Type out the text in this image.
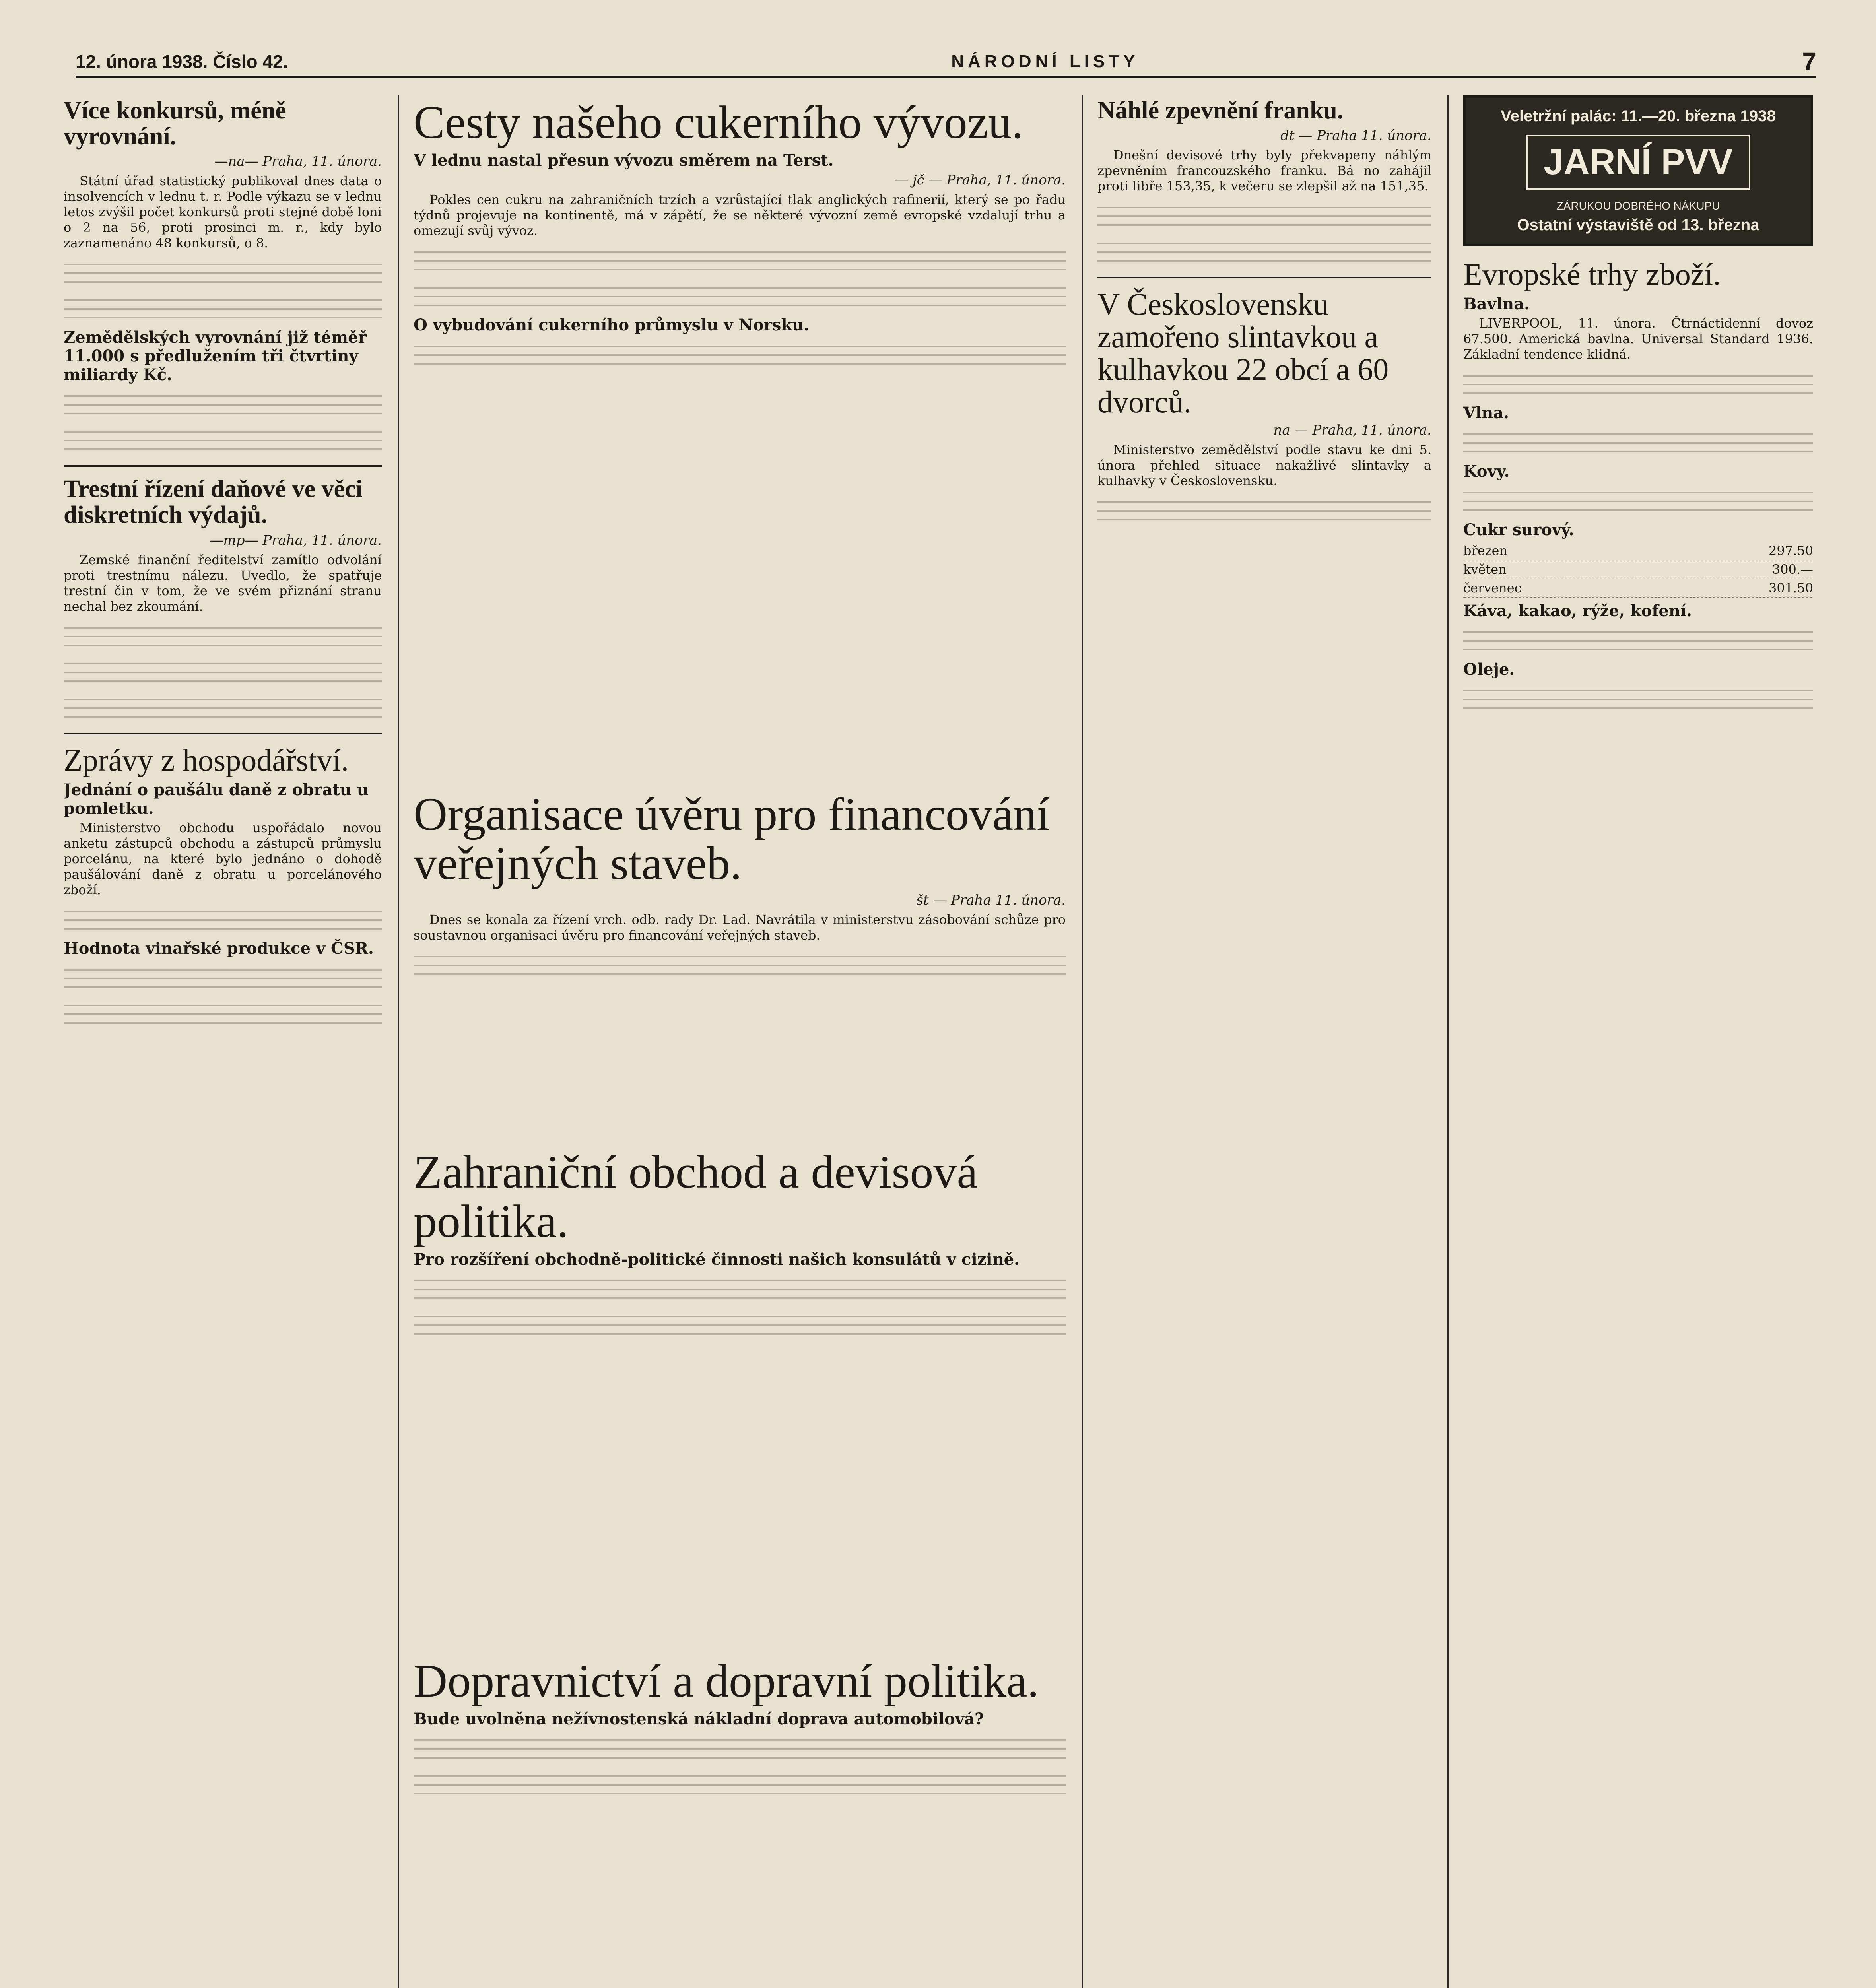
12. února 1938. Číslo 42.	NÁRODNÍ LISTY	7
Více konkursů, méně vyrovnání.
—na— Praha, 11. února.

Státní úřad statistický publikoval dnes data o insolvencích v lednu t. r. Podle výkazu se v lednu letos zvýšil počet konkursů proti stejné době loni o 2 na 56, proti prosinci m. r., kdy bylo zaznamenáno 48 konkursů, o 8.

Zemědělských vyrovnání již téměř 11.000 s předlužením tři čtvrtiny miliardy Kč.
Trestní řízení daňové ve věci diskretních výdajů.
—mp— Praha, 11. února.

Zemské finanční ředitelství zamítlo odvolání proti trestnímu nálezu. Uvedlo, že spatřuje trestní čin v tom, že ve svém přiznání stranu nechal bez zkoumání.

Zprávy z hospodářství.
Jednání o paušálu daně z obratu u pomletku.

Ministerstvo obchodu uspořádalo novou anketu zástupců obchodu a zástupců průmyslu porcelánu, na které bylo jednáno o dohodě paušálování daně z obratu u porcelánového zboží.

Hodnota vinařské produkce v ČSR.
Cesty našeho cukerního vývozu.
V lednu nastal přesun vývozu směrem na Terst.
— jč — Praha, 11. února.

Pokles cen cukru na zahraničních trzích a vzrůstající tlak anglických rafinerií, který se po řadu týdnů projevuje na kontinentě, má v zápětí, že se některé vývozní země evropské vzdalují trhu a omezují svůj vývoz.

O vybudování cukerního průmyslu v Norsku.
Organisace úvěru pro financování veřejných staveb.
št — Praha 11. února.

Dnes se konala za řízení vrch. odb. rady Dr. Lad. Navrátila v ministerstvu zásobování schůze pro soustavnou organisaci úvěru pro financování veřejných staveb.

Zahraniční obchod a devisová politika.
Pro rozšíření obchodně-politické činnosti našich konsulátů v cizině.
Dopravnictví a dopravní politika.
Bude uvolněna nežívnostenská nákladní doprava automobilová?
Náhlé zpevnění franku.
dt — Praha 11. února.

Dnešní devisové trhy byly překvapeny náhlým zpevněním francouzského franku. Bá no zahájil proti libře 153,35, k večeru se zlepšil až na 151,35.

V Československu zamořeno slintavkou a kulhavkou 22 obcí a 60 dvorců.
na — Praha, 11. února.

Ministerstvo zemědělství podle stavu ke dni 5. února přehled situace nakažlivé slintavky a kulhavky v Československu.

Veletržní palác: 11.—20. března 1938
JARNÍ PVV
ZÁRUKOU DOBRÉHO NÁKUPU
Ostatní výstaviště od 13. března
Evropské trhy zboží.
Bavlna.

LIVERPOOL, 11. února. Čtrnáctidenní dovoz 67.500. Americká bavlna. Universal Standard 1936. Základní tendence klidná.

Vlna.
Kovy.
Cukr surový.
březen	297.50
květen	300.—
červenec	301.50
Káva, kakao, rýže, kofení.
Oleje.
